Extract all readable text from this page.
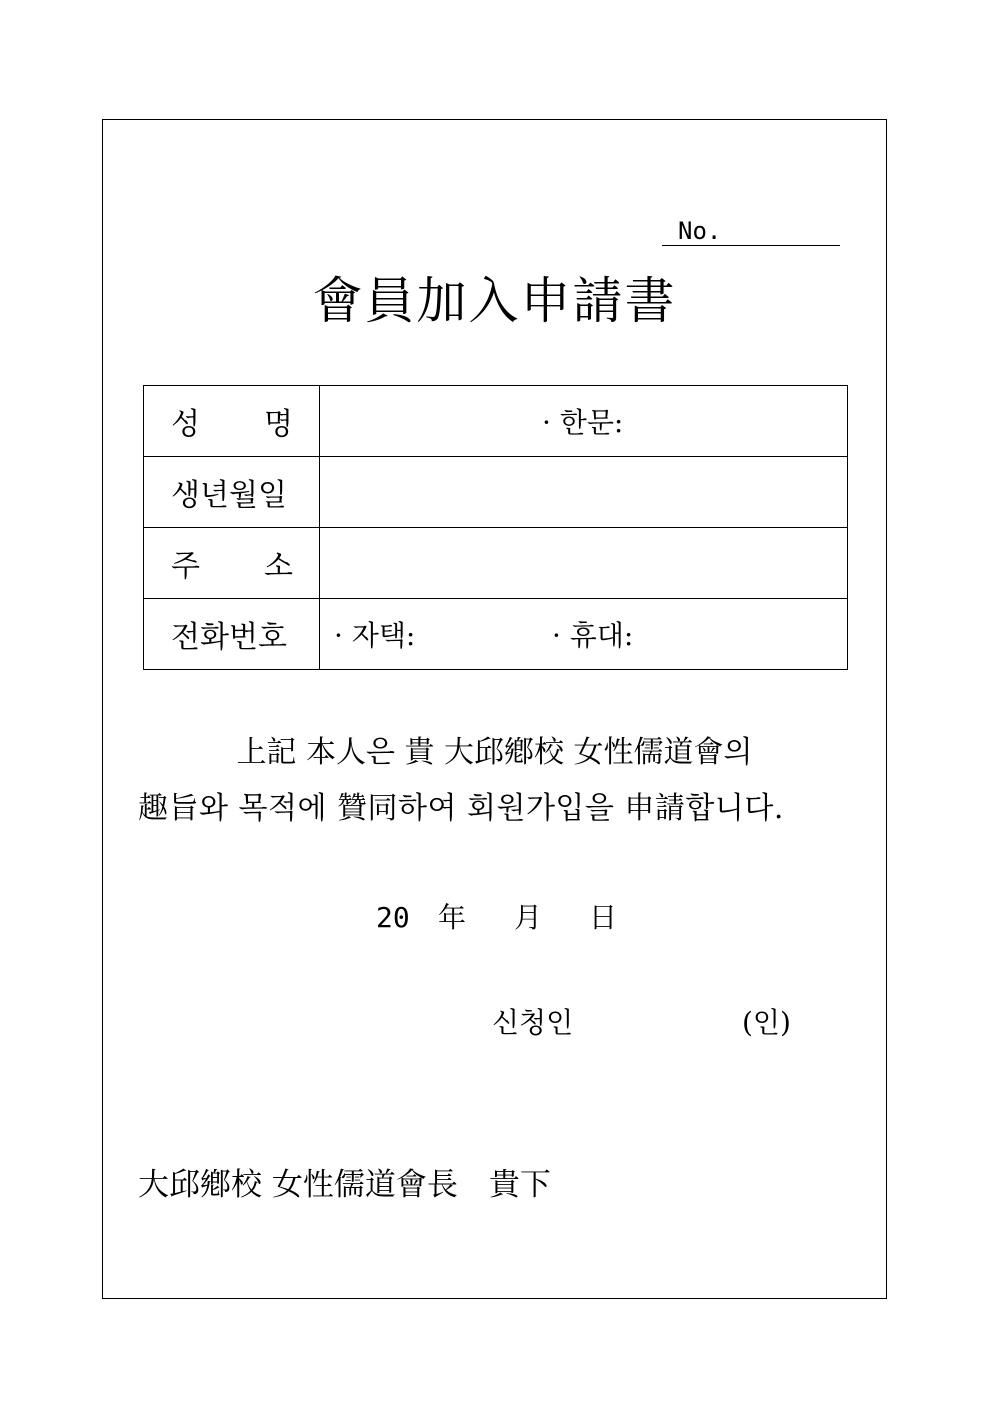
No.
會員加入申請書
성 명	· 한문:

생년월일	

주 소	

전화번호	· 자택: · 휴대:
上記 本人은 貴 大邱鄕校 女性儒道會의
趣旨와 목적에 贊同하여 회원가입을 申請합니다.
20 年 月 日
신청인	(인)
大邱鄕校 女性儒道會長　貴下
